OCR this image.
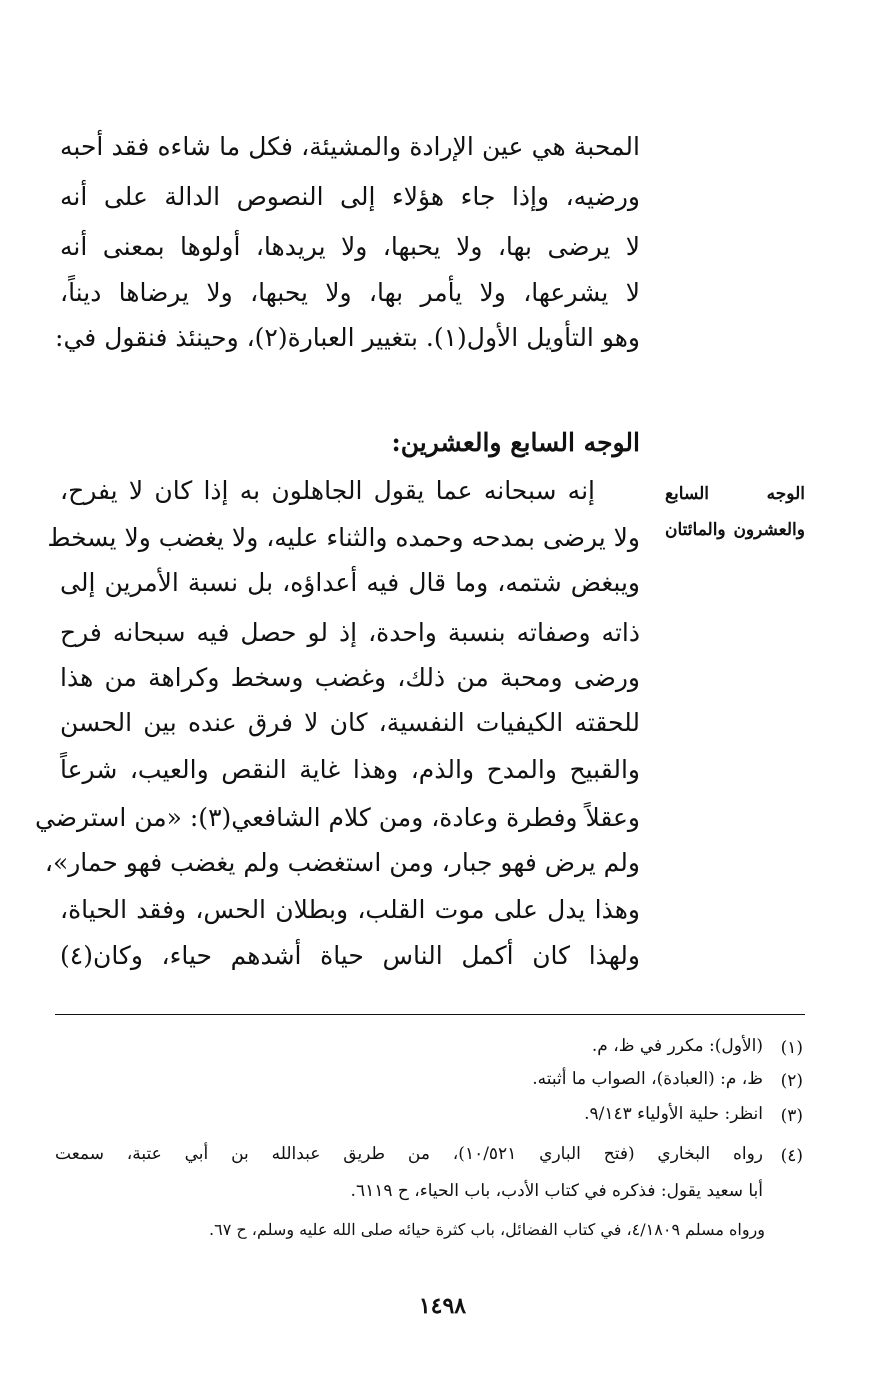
المحبة هي عين الإرادة والمشيئة، فكل ما شاءه فقد أحبه
ورضيه، وإذا جاء هؤلاء إلى النصوص الدالة على أنه
لا يرضى بها، ولا يحبها، ولا يريدها، أولوها بمعنى أنه
لا يشرعها، ولا يأمر بها، ولا يحبها، ولا يرضاها ديناً،
وهو التأويل الأول(١). بتغيير العبارة(٢)، وحينئذ فنقول في:
الوجه السابع والعشرين:
الوجه السابع
والعشرون والمائتان
إنه سبحانه عما يقول الجاهلون به إذا كان لا يفرح،
ولا يرضى بمدحه وحمده والثناء عليه، ولا يغضب ولا يسخط
ويبغض شتمه، وما قال فيه أعداؤه، بل نسبة الأمرين إلى
ذاته وصفاته بنسبة واحدة، إذ لو حصل فيه سبحانه فرح
ورضى ومحبة من ذلك، وغضب وسخط وكراهة من هذا
للحقته الكيفيات النفسية، كان لا فرق عنده بين الحسن
والقبيح والمدح والذم، وهذا غاية النقص والعيب، شرعاً
وعقلاً وفطرة وعادة، ومن كلام الشافعي(٣): «من استرضي
ولم يرض فهو جبار، ومن استغضب ولم يغضب فهو حمار»،
وهذا يدل على موت القلب، وبطلان الحس، وفقد الحياة،
ولهذا كان أكمل الناس حياة أشدهم حياء، وكان(٤)
(١)
(الأول): مكرر في ظ، م.
(٢)
ظ، م: (العبادة)، الصواب ما أثبته.
(٣)
انظر: حلية الأولياء ٩/١٤٣.
(٤)
رواه البخاري (فتح الباري ١٠/٥٢١)، من طريق عبدالله بن أبي عتبة، سمعت
أبا سعيد يقول: فذكره في كتاب الأدب، باب الحياء، ح ٦١١٩.
ورواه مسلم ٤/١٨٠٩، في كتاب الفضائل، باب كثرة حيائه صلى الله عليه وسلم، ح ٦٧.
١٤٩٨
